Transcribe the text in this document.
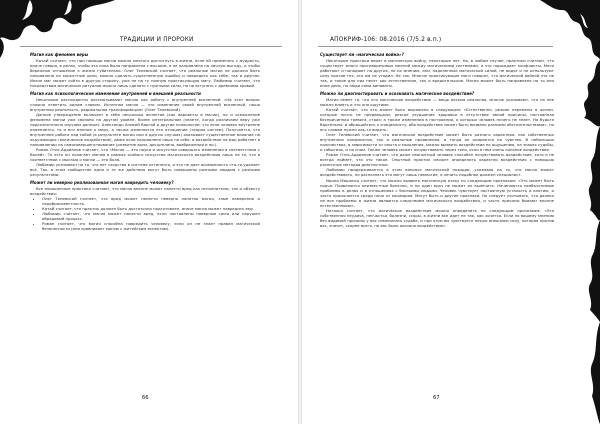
ТРАДИЦИИ И ПРОРОКИ
Магия как феномен веры

КатаЙ считает, что при помощи магии можно многого достигнуть в жизни, если ей применять с мудрость, иначе говоря, в делах, чтобы эта сила была направлена с высшим, а не направлена на личную выгоду, и чтобы бережное отношение к жизни губительна. Олег Телевский считает, что реальные магии не должна быть направлена на корыстные цели, можно сделать существенную ошибку и навредить как себе, так и другим. Иначе маг может сойти в другую сторону, уже не на ту полную практикующую магу. Любомир считает, что посредством магических ритуалов можно лишь сделать с нужными силы, но не вступать с древними кровий.

Магия как психологическое изменение внутренней и внешней реальности

Некоторые респонденты рассматривают магию как работу с внутренней вселенной: «На этот вопрос сложно ответить одним словом. Истинная магия — это изменение своей внутренней вселенной, наша внутренняя реальность, радикальная трансформация» (Олег Телевский).

Данное утверждение включает в себя несколько аспектов (как варианты в магии), но и осмысление феномена магии уже связано на другом уровне, более интегральном (знаете, когда различаем веру уже подсознательно изучаем данные). Александр Аникей Варгой и другие психологии, что если человек внутренне изменяется, то и его мнение к миру, а также изменяется его отношение (теория систем). Получается, что внутреннее работа над собой (в результате магии или в других случаях) оказывает существенное влияние на окружающих (магическое воздействие), даже если направлена лишь на себя, и воздействие на мир работает в направлении на самосовершенствование (развитие воли, дисциплина, воображения и пр.).

Роман Отис-Адрианов считает, что «Магия — это наука и искусство совершать изменения в соответствии с Волей». То есть он полагает магию в рамках особого искусства магического воздействия лишь на то, что в соответствии с мыслью о магии — это Воля.

Любомир указывает на то, что нет сходства в системе истинного, и это не дает возможность что-то удаляет всё. Так, в этом сообществе одни и те же действия могут быть совершены разными людьми с разными результатами.

Может ли неверно реализованная магия навредить человеку?

Все опрошенные практики считают, что магия вполне может нанести вред как исполнителю, так и объекту воздействия:

• Олег Телевский считает, что вред может нанести неверно понятая магия, злые намерения и недобросовестность.
• КатаЙ считает, что практик должен быть достаточно подготовлен, иначе магия может навредить ему.
• Любомир считает, что магия может нанести вред, если поставлены неверные цели или нарушен обрядовый процесс.
• Роман считает, что магия способна навредить человеку, если он не знает правил магической безопасности (или сравнивает магию с житейским аспектом).
66
АПОКРИФ-106: 08.2016 (7/5.2 в.п.)
Существует ли «магическая война»?

Некоторые практики верят в магическую войну, некоторые нет. Но, в любом случае, практики считают, что существует много противоречивых мнений между магическими системами, а это порождает конфликты. Маги работают и нападают на других, по их мнению, они, наделенные магической силой, не видят и не используют силу против тех, кто им не угодил. Не так. Многие практикующие маги говорят, что магической войной это не так, и такое для них несет как естественное, так и вредительское. Магия может быть направлена на то или иное дело, но люди сами виноваты.

Можно ли диагностировать и осознавать магическое воздействие?

Магия имеет то, что его магическое воздействие — вещь весьма реальная, многие указывают, что на нее можно влиять и что оно ощутимо.

КатаЙ считает, что это может быть выражено в следующем: «Естественно, резкие перемены в жизни, которые ничто не предвещало; резкое ухудшение здоровья в отсутствие явной причины; постоянная беспричинная тревога, страх; а также изменения в настроении, о которых человек ничего не знает. Но будьте бдительны, и обращайтесь к специалисту, ибо воздействие может быть вызвано разными обстоятельствами», по его словам нужно как-то видеть.

Олег Телевский считает, что магическое воздействие может быть разного характера: как собственных внутренних конфликтов, так и реальные проявления, и тогда он опирается на чувства. В небольших количествах, в зависимости от опыта и мышления, можно выявить воздействие по ощущению, на знаках судьбы, и событиях, и по снам. Также человек может почувствовать через тело, если в нём очень сильное воздействие.

Роман Отис-Адрианов считает, что даже неопытный человек способен почувствовать воздействие, хотя и не всегда поймет, что это такое. Опытный практик сможет определить характер воздействия с помощью различных методов диагностики.

Любомир придерживается в этом вопросе магической позиции, указывая на то, что магия может воздействовать, но распознать это могут лишь немногие, а лечить подобное должен специалист.

Ирина Мишенко считает, что можно выявить магическую атаку по следующим признакам: «Это может быть порча. Появляются неизвестные болезни, и ни один врач не может их вылечить. Начинаются необъяснимые проблемы в делах и в отношениях с близкими людьми. Человек чувствует постоянную усталость и апатию, и часто просыпается среди ночи от кошмаров. Могут быть и другие признаки. Но следует учитывать, что далеко не все проблемы в жизни являются следствием магического воздействия, и часто причины бывают вполне естественными».

Наталья считает, что магическое воздействие можно определить по следующим признакам: «Это собственная неудача, несчастья, болезни, ссоры, в жизни все идет не так, как хочется. Если по вашему мнению без видимой причины у вас изменилась судьба, и при этом вы чувствуете некую внешнюю силу, которая против вас, значит, скорее всего, на вас было оказано воздействие».

67
